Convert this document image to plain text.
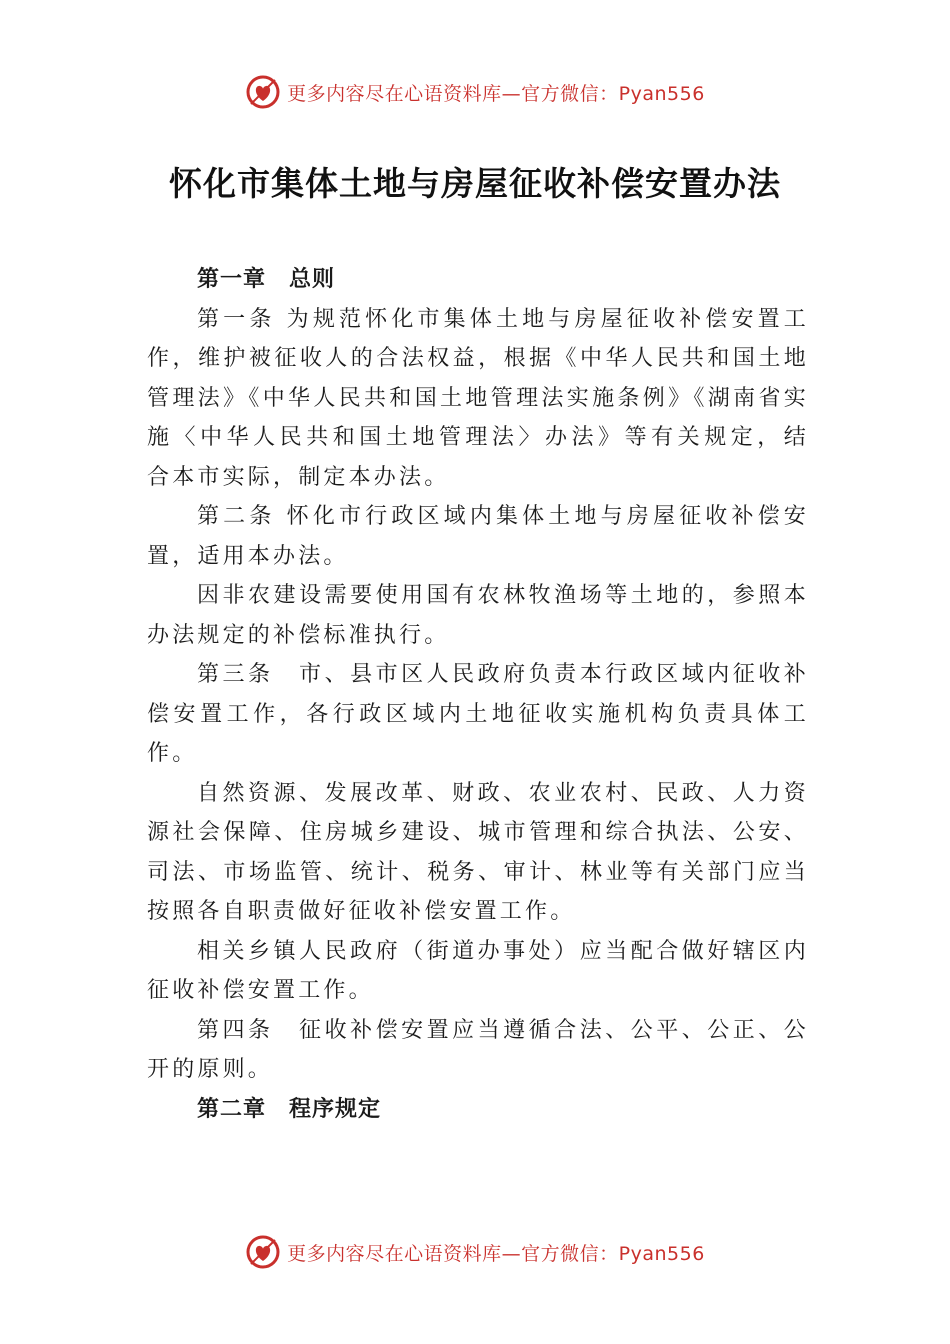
更多内容尽在心语资料库—官方微信：Pyan556
怀化市集体土地与房屋征收补偿安置办法

第一章　总则

第一条 为规范怀化市集体土地与房屋征收补偿安置工作，维护被征收人的合法权益，根据《中华人民共和国土地管理法》《中华人民共和国土地管理法实施条例》《湖南省实施〈中华人民共和国土地管理法〉办法》等有关规定，结 合本市实际，制定本办法。

第二条 怀化市行政区域内集体土地与房屋征收补偿安置，适用本办法。

因非农建设需要使用国有农林牧渔场等土地的，参照本办法规定的补偿标准执行。

第三条　市、县市区人民政府负责本行政区域内征收补偿安置工作，各行政区域内土地征收实施机构负责具体工作。

自然资源、发展改革、财政、农业农村、民政、人力资源社会保障、住房城乡建设、城市管理和综合执法、公安、 司法、市场监管、统计、税务、审计、林业等有关部门应当按照各自职责做好征收补偿安置工作。

相关乡镇人民政府（街道办事处）应当配合做好辖区内征收补偿安置工作。

第四条　征收补偿安置应当遵循合法、公平、公正、公开的原则。

第二章　程序规定

更多内容尽在心语资料库—官方微信：Pyan556
